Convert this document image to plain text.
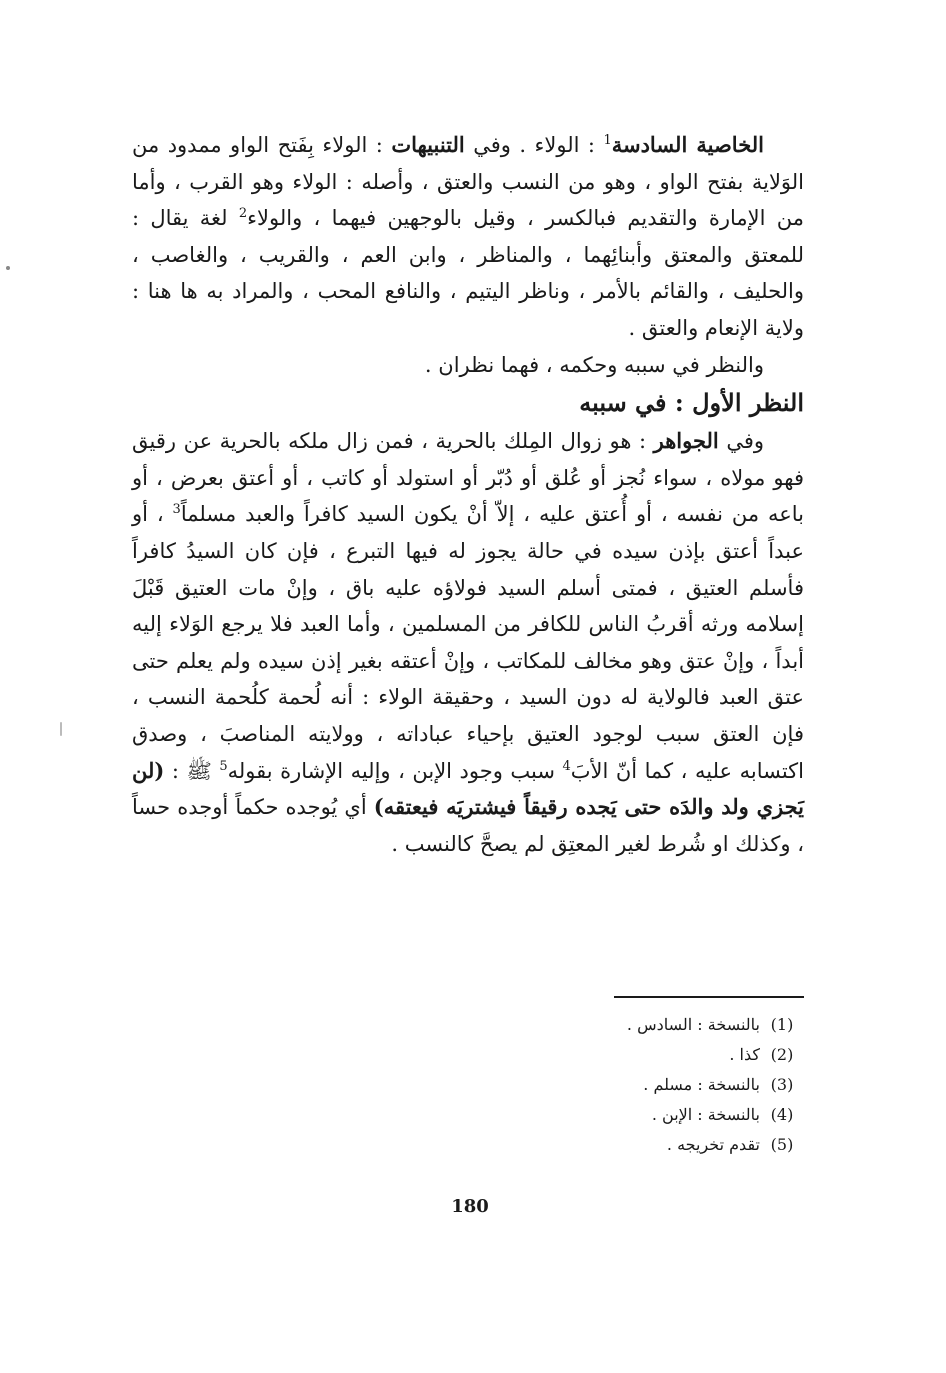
الخاصية السادسة$^1$ : الولاء . وفي التنبيهات : الولاء بِفَتح الواو ممدود من الوَلاية بفتح الواو ، وهو من النسب والعتق ، وأصله : الولاء وهو القرب ، وأما من الإمارة والتقديم فبالكسر ، وقيل بالوجهين فيهما ، والولاء$^2$ لغة يقال : للمعتق والمعتق وأبنائِهما ، والمناظر ، وابن العم ، والقريب ، والغاصب ، والحليف ، والقائم بالأمر ، وناظر اليتيم ، والنافع المحب ، والمراد به ها هنا : ولاية الإنعام والعتق .

والنظر في سببه وحكمه ، فهما نظران .

النظر الأول : في سببه

وفي الجواهر : هو زوال المِلك بالحرية ، فمن زال ملكه بالحرية عن رقيق فهو مولاه ، سواء نُجز أو عُلق أو دُبّر أو استولد أو كاتب ، أو أعتق بعرض ، أو باعه من نفسه ، أو أُعتق عليه ، إلاّ أنْ يكون السيد كافراً والعبد مسلماً$^3$ ، أو عبداً أعتق بإذن سيده في حالة يجوز له فيها التبرع ، فإن كان السيدُ كافراً فأسلم العتيق ، فمتى أسلم السيد فولاؤه عليه باق ، وإنْ مات العتيق قَبْلَ إسلامه ورثه أقربُ الناس للكافر من المسلمين ، وأما العبد فلا يرجع الوَلاء إليه أبداً ، وإنْ عتق وهو مخالف للمكاتب ، وإنْ أعتقه بغير إذن سيده ولم يعلم حتى عتق العبد فالولاية له دون السيد ، وحقيقة الولاء : أنه لُحمة كلُحمة النسب ، فإن العتق سبب لوجود العتيق بإحياء عباداته ، وولايته المناصبَ ، وصدق اكتسابه عليه ، كما أنّ الأبَ$^4$ سبب وجود الإبن ، وإليه الإشارة بقوله$^5$ ﷺ : (لن يَجزي ولد والدَه حتى يَجده رقيقاً فيشتريَه فيعتقه) أي يُوجده حكماً أوجده حساً ، وكذلك او شُرط لغير المعتِق لم يصحَّ كالنسب .

(1)
بالنسخة : السادس .
(2)
كذا .
(3)
بالنسخة : مسلم .
(4)
بالنسخة : الإبن .
(5)
تقدم تخريجه .
180
